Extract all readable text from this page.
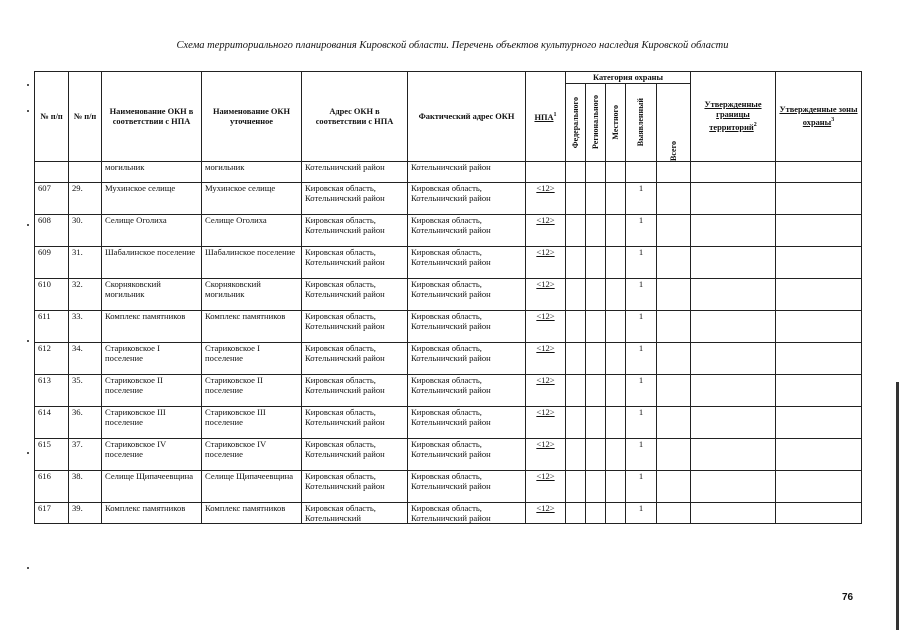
Схема территориального планирования Кировской области. Перечень объектов культурного наследия Кировской области
№ п/п	№ п/п	Наименование ОКН в соответствии с НПА	Наименование ОКН уточненное	Адрес ОКН в соответствии с НПА	Фактический адрес ОКН	НПА$^1$	Категория охраны					Утвержденные границы территорий$^2$	Утвержденные зоны охраны$^3$

							Федерального	Регионального	Местного	Выявленный	Всего		

		могильник	могильник	Котельничский район	Котельничский район								
607	29.	Мухинское селище	Мухинское селище	Кировская область, Котельничский район	Кировская область, Котельничский район	<12>				1			
608	30.	Селище Оголиха	Селище Оголиха	Кировская область, Котельничский район	Кировская область, Котельничский район	<12>				1			
609	31.	Шабалинское поселение	Шабалинское поселение	Кировская область, Котельничский район	Кировская область, Котельничский район	<12>				1			
610	32.	Скорняковский могильник	Скорняковский могильник	Кировская область, Котельничский район	Кировская область, Котельничский район	<12>				1			
611	33.	Комплекс памятников	Комплекс памятников	Кировская область, Котельничский район	Кировская область, Котельничский район	<12>				1			
612	34.	Стариковское I поселение	Стариковское I поселение	Кировская область, Котельничский район	Кировская область, Котельничский район	<12>				1			
613	35.	Стариковское II поселение	Стариковское II поселение	Кировская область, Котельничский район	Кировская область, Котельничский район	<12>				1			
614	36.	Стариковское III поселение	Стариковское III поселение	Кировская область, Котельничский район	Кировская область, Котельничский район	<12>				1			
615	37.	Стариковское IV поселение	Стариковское IV поселение	Кировская область, Котельничский район	Кировская область, Котельничский район	<12>				1			
616	38.	Селище Щипачеевщина	Селище Щипачеевщина	Кировская область, Котельничский район	Кировская область, Котельничский район	<12>				1			
617	39.	Комплекс памятников	Комплекс памятников	Кировская область, Котельничский	Кировская область, Котельничский район	<12>				1			
76
